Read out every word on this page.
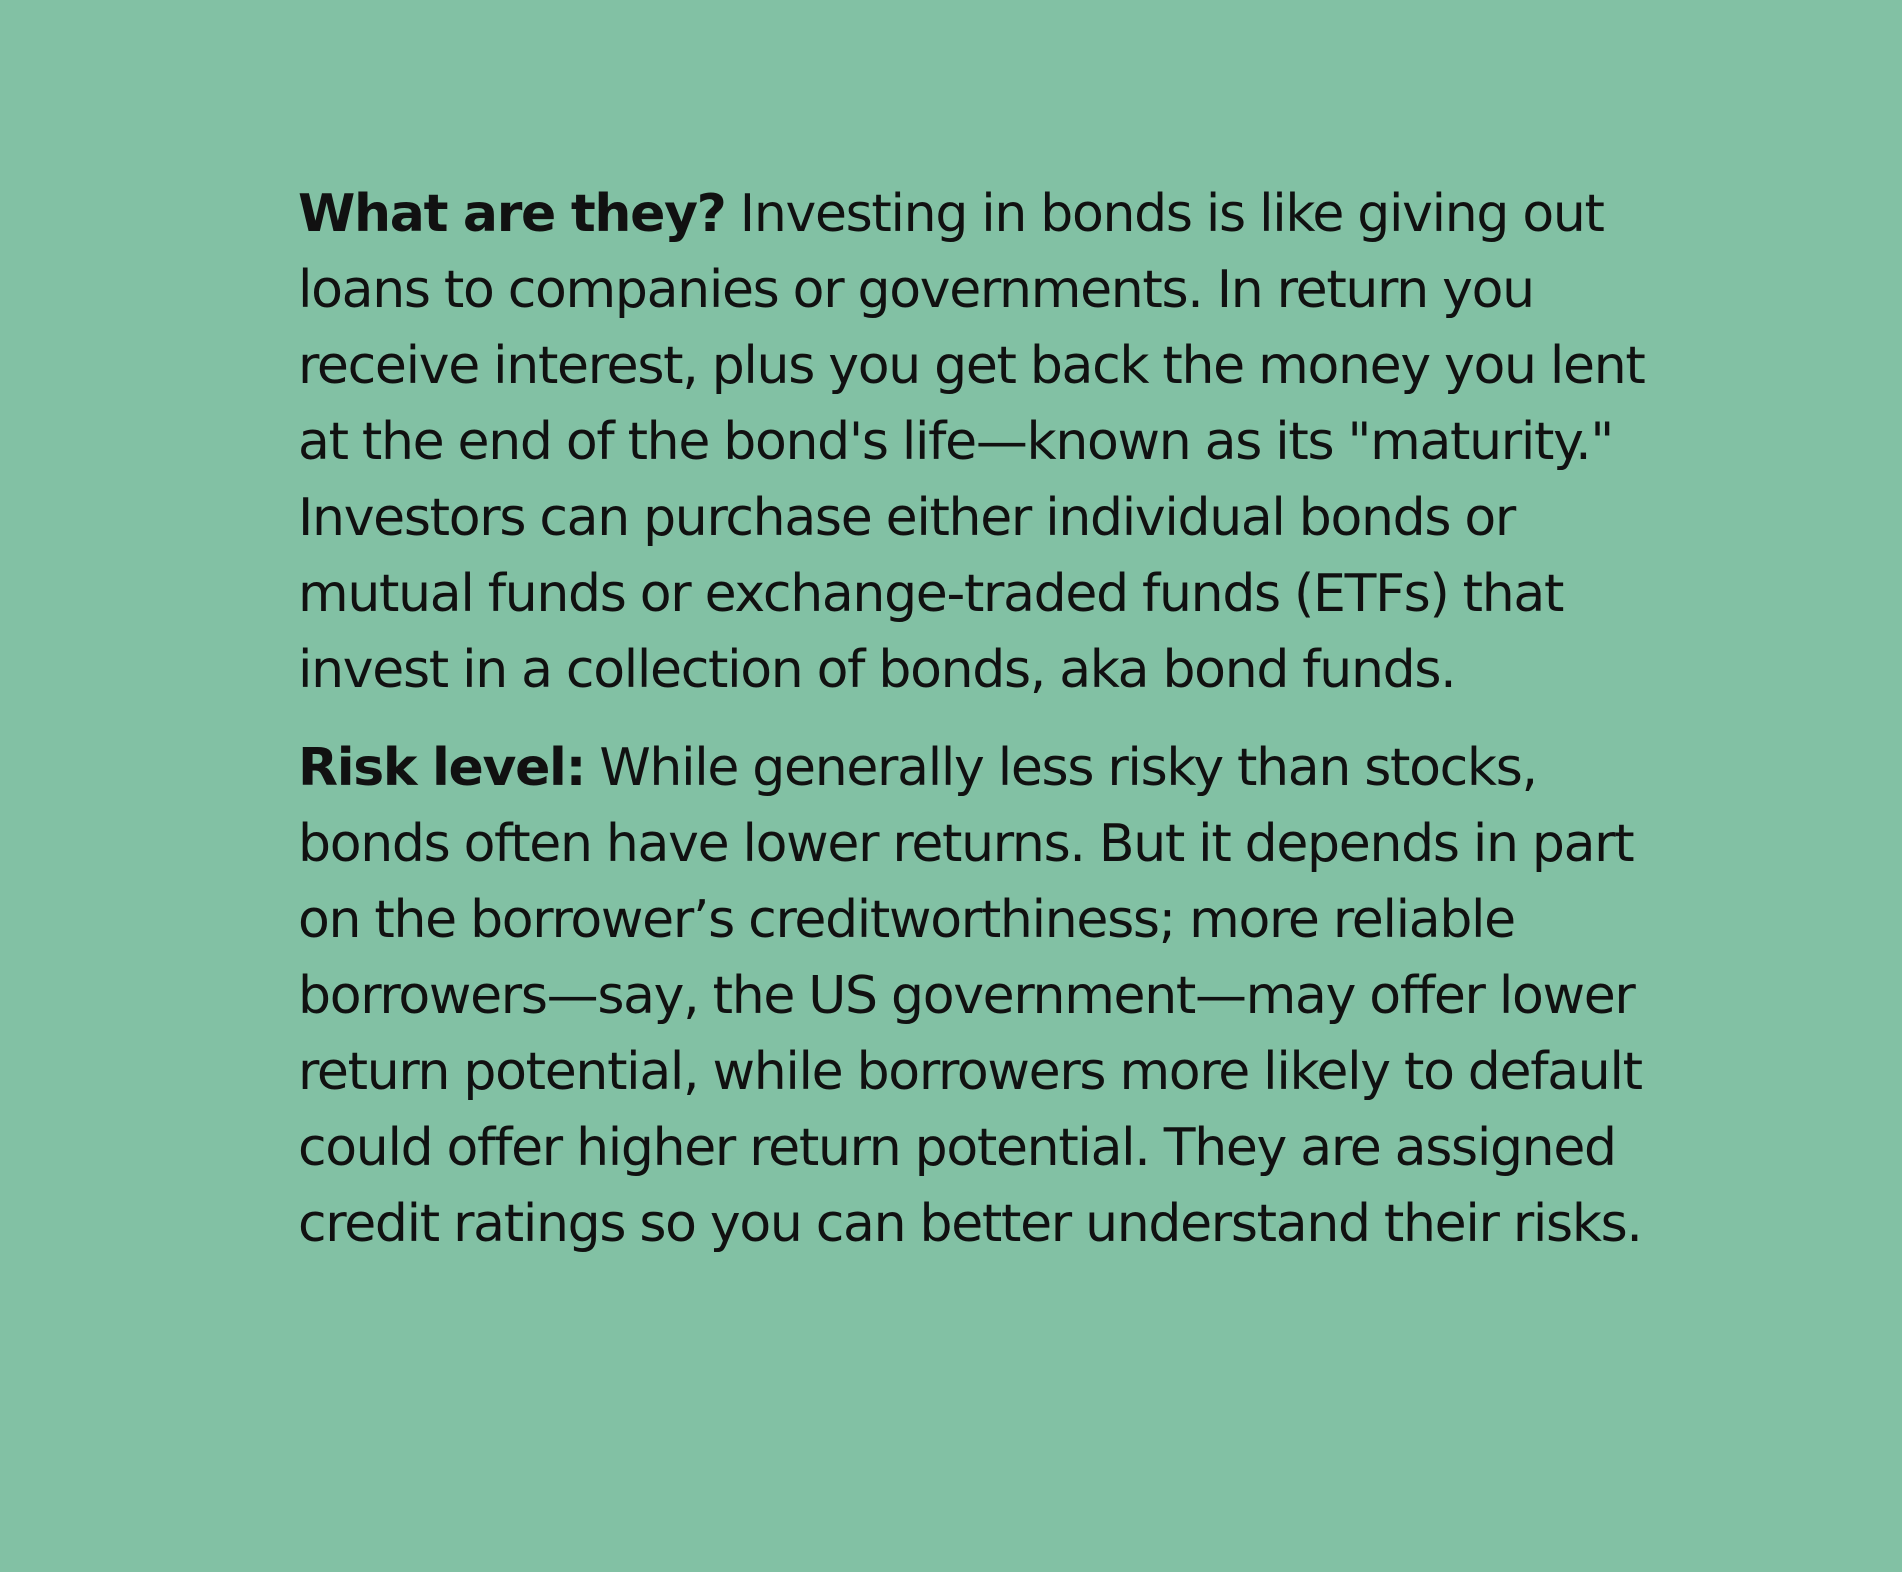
What are they? Investing in bonds is like giving out loans to companies or governments. In return you receive interest, plus you get back the money you lent at the end of the bond's life—known as its "maturity." Investors can purchase either individual bonds or mutual funds or exchange-traded funds (ETFs) that invest in a collection of bonds, aka bond funds.

Risk level: While generally less risky than stocks, bonds often have lower returns. But it depends in part on the borrower’s creditworthiness; more reliable borrowers—say, the US government—may offer lower return potential, while borrowers more likely to default could offer higher return potential. They are assigned credit ratings so you can better understand their risks.
